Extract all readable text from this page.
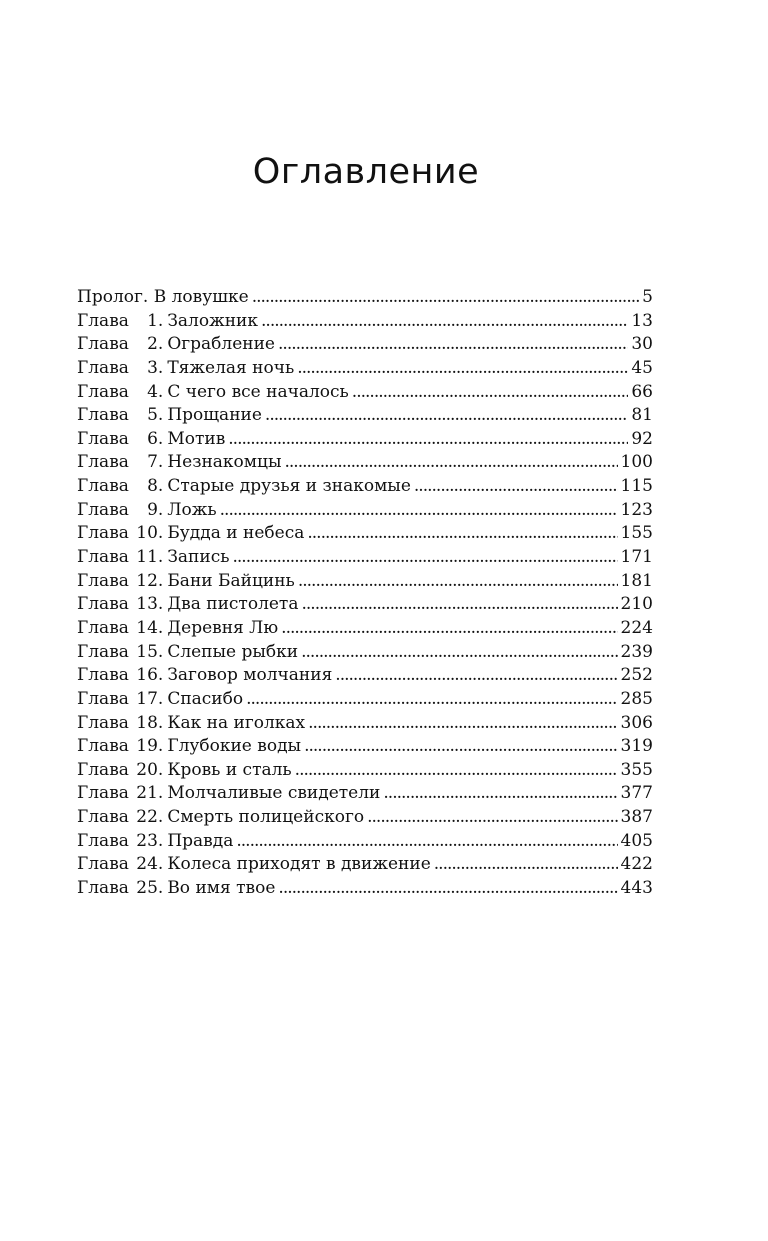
Оглавление
Пролог. В ловушке . . .	5
Глава 1. Заложник . . .	13
Глава 2. Ограбление . . .	30
Глава 3. Тяжелая ночь . . .	45
Глава 4. С чего все началось . . .	66
Глава 5. Прощание . . .	81
Глава 6. Мотив . . .	92
Глава 7. Незнакомцы . . .	100
Глава 8. Старые друзья и знакомые . . .	115
Глава 9. Ложь . . .	123
Глава 10. Будда и небеса . . .	155
Глава 11. Запись . . .	171
Глава 12. Бани Байцинь . . .	181
Глава 13. Два пистолета . . .	210
Глава 14. Деревня Лю . . .	224
Глава 15. Слепые рыбки . . .	239
Глава 16. Заговор молчания . . .	252
Глава 17. Спасибо . . .	285
Глава 18. Как на иголках . . .	306
Глава 19. Глубокие воды . . .	319
Глава 20. Кровь и сталь . . .	355
Глава 21. Молчаливые свидетели . . .	377
Глава 22. Смерть полицейского . . .	387
Глава 23. Правда . . .	405
Глава 24. Колеса приходят в движение . . .	422
Глава 25. Во имя твое . . .	443
